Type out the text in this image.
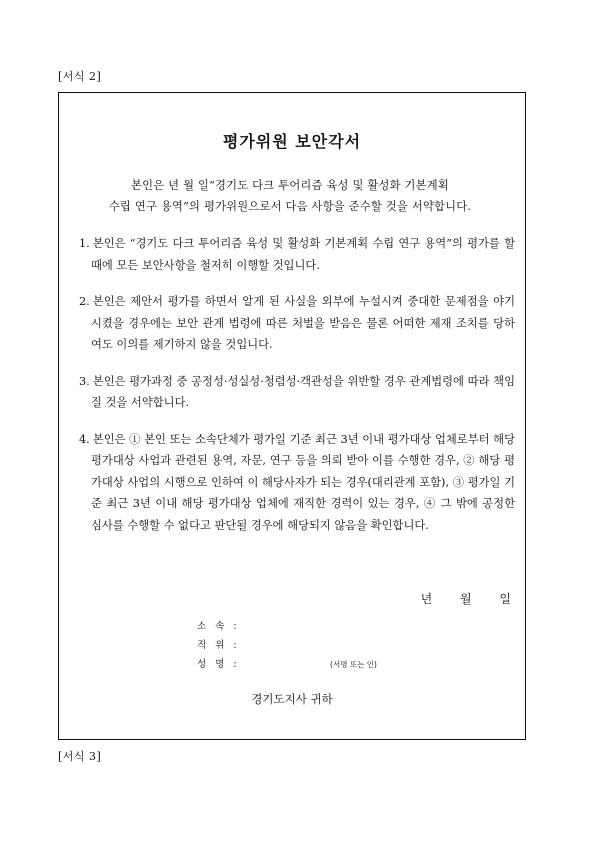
[서식 2]
평가위원 보안각서
본인은 년 월 일“경기도 다크 투어리즘 육성 및 활성화 기본계획
수립 연구 용역”의 평가위원으로서 다음 사항을 준수할 것을 서약합니다.
1. 본인은 “경기도 다크 투어리즘 육성 및 활성화 기본계획 수립 연구 용역”의 평가를 할 때에 모든 보안사항을 철저히 이행할 것입니다.
2. 본인은 제안서 평가를 하면서 알게 된 사실을 외부에 누설시켜 중대한 문제점을 야기 시켰을 경우에는 보안 관계 법령에 따른 처벌을 받음은 물론 어떠한 제재 조치를 당하여도 이의를 제기하지 않을 것입니다.
3. 본인은 평가과정 중 공정성·성실성·청렴성·객관성을 위반할 경우 관계법령에 따라 책임질 것을 서약합니다.
4. 본인은 ① 본인 또는 소속단체가 평가일 기준 최근 3년 이내 평가대상 업체로부터 해당 평가대상 사업과 관련된 용역, 자문, 연구 등을 의뢰 받아 이를 수행한 경우, ② 해당 평가대상 사업의 시행으로 인하여 이 해당사자가 되는 경우(대리관계 포함), ③ 평가일 기준 최근 3년 이내 해당 평가대상 업체에 재직한 경력이 있는 경우, ④ 그 밖에 공정한 심사를 수행할 수 없다고 판단될 경우에 해당되지 않음을 확인합니다.
년 월 일
소 속 :
직 위 :
성 명 :	(서명 또는 인)
경기도지사 귀하
[서식 3]
